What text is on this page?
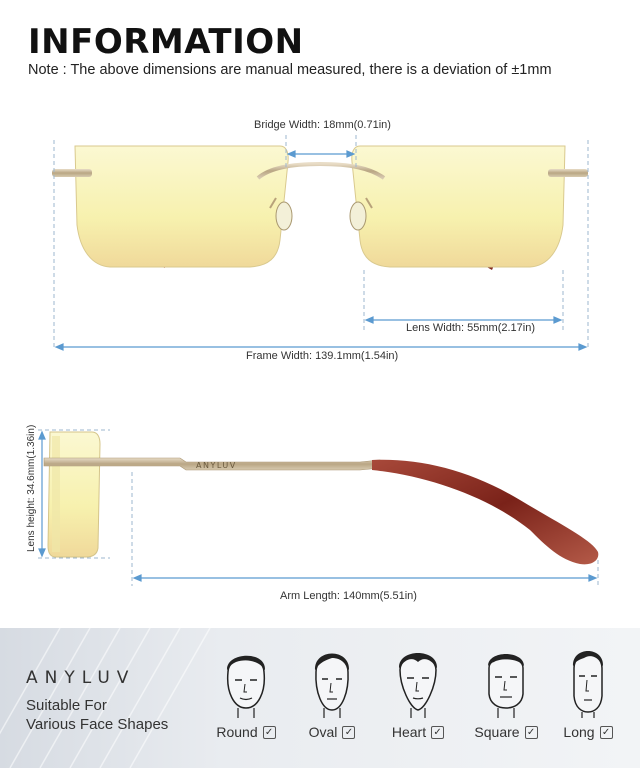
INFORMATION
Note : The above dimensions are manual measured, there is a deviation of ±1mm
ANYLUV
Bridge Width: 18mm(0.71in)
Lens Width: 55mm(2.17in)
Frame Width: 139.1mm(1.54in)
Lens height: 34.6mm(1.36in)
Arm Length: 140mm(5.51in)
ANYLUV
Suitable For
Various Face Shapes	Round ✓	Oval ✓	Heart ✓ Square ✓ Long ✓
